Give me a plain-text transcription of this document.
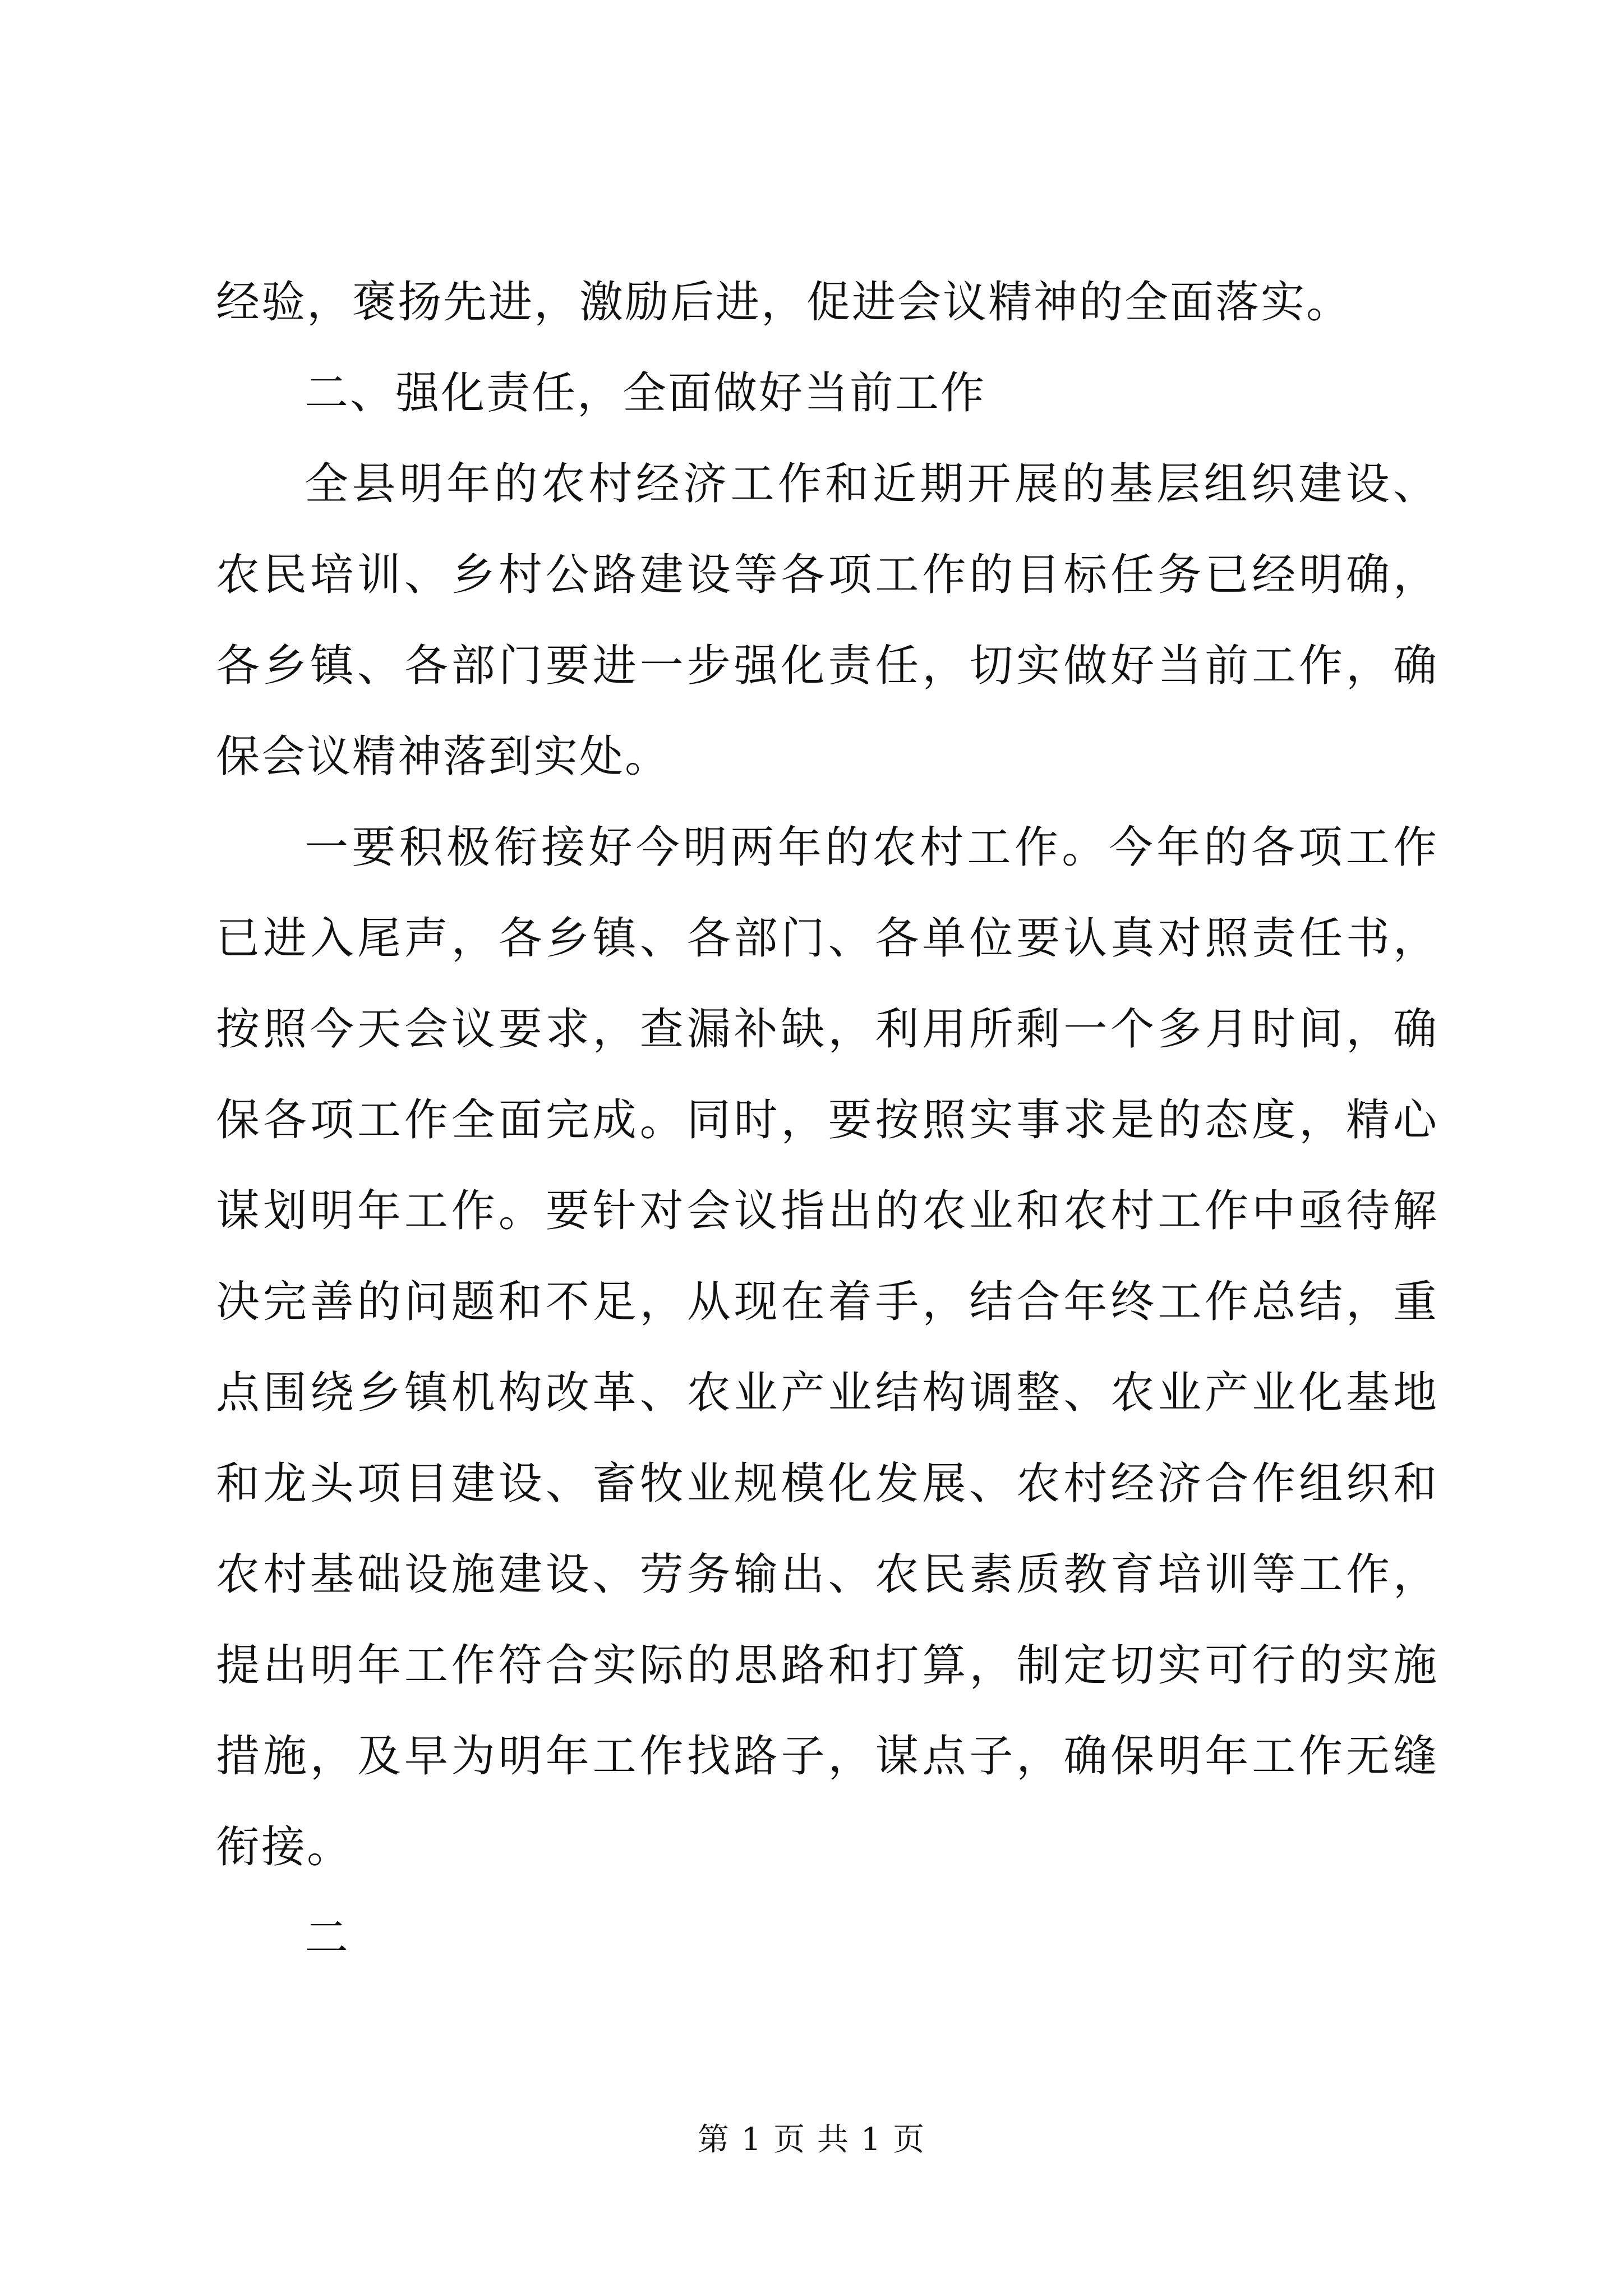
经验，褒扬先进，激励后进，促进会议精神的全面落实。

二、强化责任，全面做好当前工作

全县明年的农村经济工作和近期开展的基层组织建设、农民培训、乡村公路建设等各项工作的目标任务已经明确，各乡镇、各部门要进一步强化责任，切实做好当前工作，确保会议精神落到实处。

一要积极衔接好今明两年的农村工作。今年的各项工作已进入尾声，各乡镇、各部门、各单位要认真对照责任书，按照今天会议要求，查漏补缺，利用所剩一个多月时间，确保各项工作全面完成。同时，要按照实事求是的态度，精心谋划明年工作。要针对会议指出的农业和农村工作中亟待解决完善的问题和不足，从现在着手，结合年终工作总结，重点围绕乡镇机构改革、农业产业结构调整、农业产业化基地和龙头项目建设、畜牧业规模化发展、农村经济合作组织和农村基础设施建设、劳务输出、农民素质教育培训等工作，提出明年工作符合实际的思路和打算，制定切实可行的实施措施，及早为明年工作找路子，谋点子，确保明年工作无缝衔接。

二

第 1 页 共 1 页
